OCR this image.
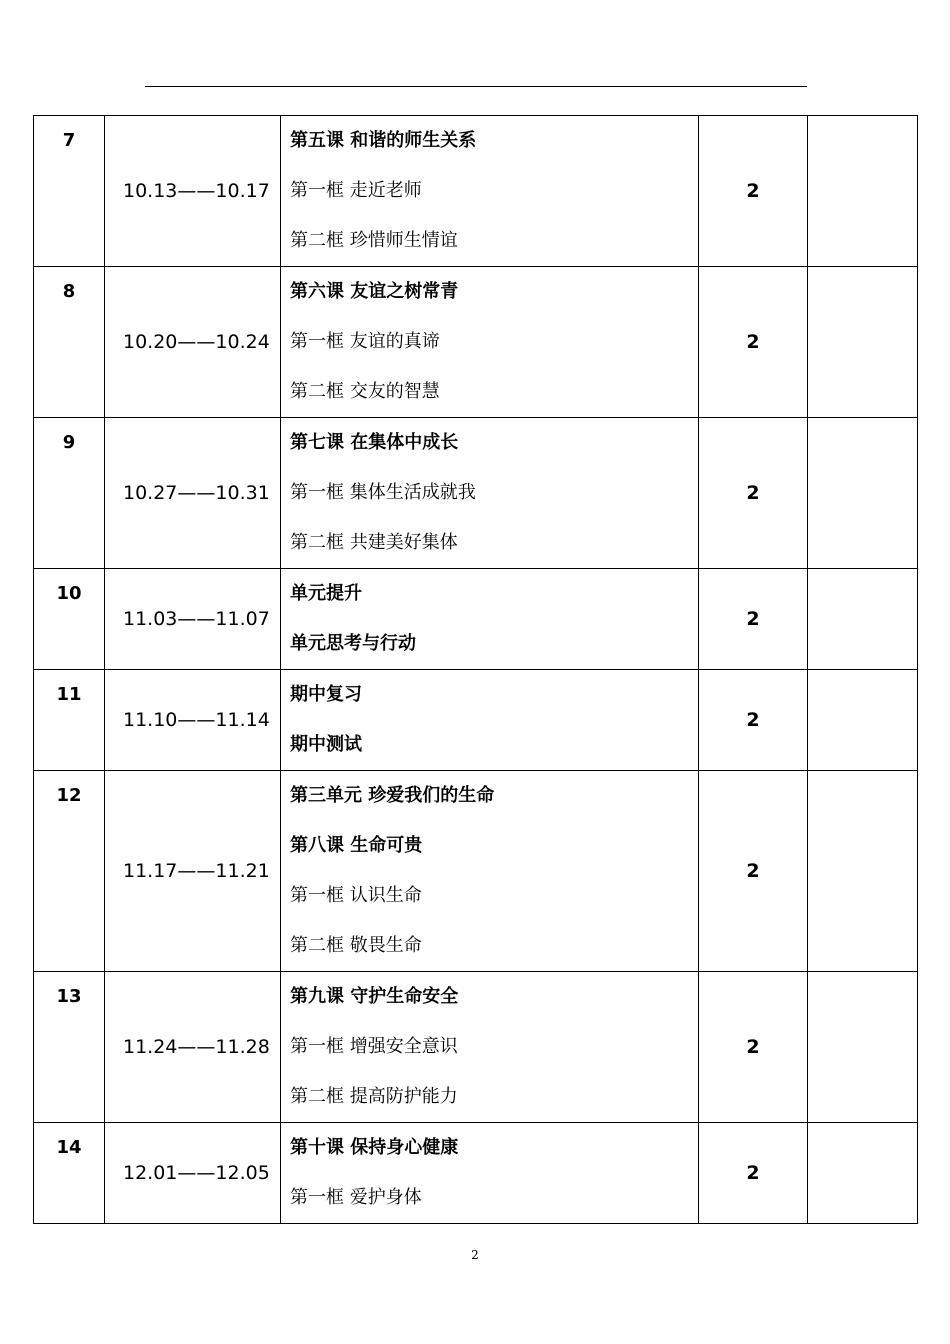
7	10.13——10.17	第五课 和谐的师生关系
第一框 走近老师
第二框 珍惜师生情谊	2	
8	10.20——10.24	第六课 友谊之树常青
第一框 友谊的真谛
第二框 交友的智慧	2	
9	10.27——10.31	第七课 在集体中成长
第一框 集体生活成就我
第二框 共建美好集体	2	
10	11.03——11.07	单元提升
单元思考与行动	2	
11	11.10——11.14	期中复习
期中测试	2	
12	11.17——11.21	第三单元 珍爱我们的生命
第八课 生命可贵
第一框 认识生命
第二框 敬畏生命	2	
13	11.24——11.28	第九课 守护生命安全
第一框 增强安全意识
第二框 提高防护能力	2	
14	12.01——12.05	第十课 保持身心健康
第一框 爱护身体	2	
2
